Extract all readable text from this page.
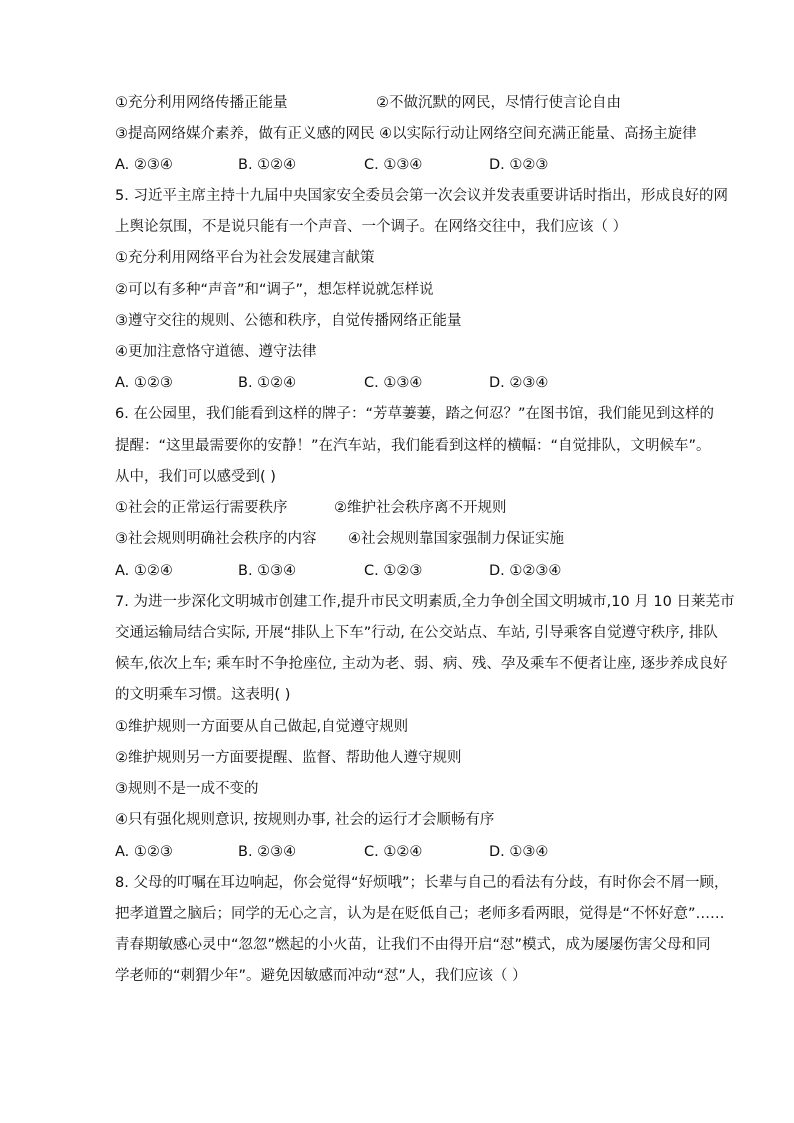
①充分利用网络传播正能量	②不做沉默的网民，尽情行使言论自由
③提高网络媒介素养，做有正义感的网民 ④以实际行动让网络空间充满正能量、高扬主旋律
A. ②③④	B. ①②④	C. ①③④	D. ①②③
5. 习近平主席主持十九届中央国家安全委员会第一次会议并发表重要讲话时指出，形成良好的网
上舆论氛围，不是说只能有一个声音、一个调子。在网络交往中，我们应该（ ）
①充分利用网络平台为社会发展建言献策
②可以有多种“声音”和“调子”，想怎样说就怎样说
③遵守交往的规则、公德和秩序，自觉传播网络正能量
④更加注意恪守道德、遵守法律
A. ①②③	B. ①②④	C. ①③④	D. ②③④
6. 在公园里，我们能看到这样的牌子：“芳草萋萋，踏之何忍？”在图书馆，我们能见到这样的
提醒：“这里最需要你的安静！”在汽车站，我们能看到这样的横幅：“自觉排队，文明候车”。
从中，我们可以感受到( )
①社会的正常运行需要秩序	②维护社会秩序离不开规则
③社会规则明确社会秩序的内容 ④社会规则靠国家强制力保证实施
A. ①②④	B. ①③④	C. ①②③	D. ①②③④
7. 为进一步深化文明城市创建工作,提升市民文明素质,全力争创全国文明城市,10 月 10 日莱芜市
交通运输局结合实际, 开展“排队上下车”行动, 在公交站点、车站, 引导乘客自觉遵守秩序, 排队
候车,依次上车; 乘车时不争抢座位, 主动为老、弱、病、残、孕及乘车不便者让座, 逐步养成良好
的文明乘车习惯。这表明( )
①维护规则一方面要从自己做起,自觉遵守规则
②维护规则另一方面要提醒、监督、帮助他人遵守规则
③规则不是一成不变的
④只有强化规则意识, 按规则办事, 社会的运行才会顺畅有序
A. ①②③	B. ②③④	C. ①②④	D. ①③④
8. 父母的叮嘱在耳边响起，你会觉得“好烦哦”；长辈与自己的看法有分歧，有时你会不屑一顾，
把孝道置之脑后；同学的无心之言，认为是在贬低自己；老师多看两眼，觉得是“不怀好意”……
青春期敏感心灵中“忽忽”燃起的小火苗，让我们不由得开启“怼”模式，成为屡屡伤害父母和同
学老师的“刺猬少年”。避免因敏感而冲动“怼”人，我们应该（ ）
